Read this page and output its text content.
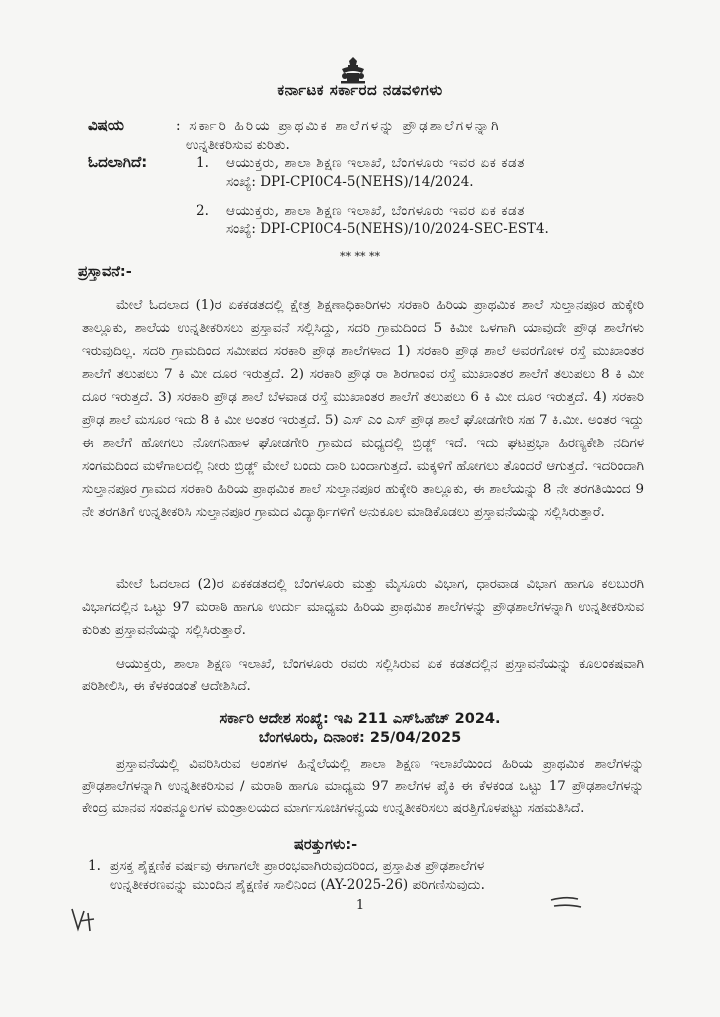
ಕರ್ನಾಟಕ ಸರ್ಕಾರದ ನಡವಳಿಗಳು
ವಿಷಯ	: ಸರ್ಕಾರಿ ಹಿರಿಯ ಪ್ರಾಥಮಿಕ ಶಾಲೆಗಳನ್ನು ಪ್ರೌಢಶಾಲೆಗಳನ್ನಾಗಿ
ಉನ್ನತೀಕರಿಸುವ ಕುರಿತು.
ಓದಲಾಗಿದೆ:	1. ಆಯುಕ್ತರು, ಶಾಲಾ ಶಿಕ್ಷಣ ಇಲಾಖೆ, ಬೆಂಗಳೂರು ಇವರ ಏಕ ಕಡತ
ಸಂಖ್ಯೆ: DPI-CPI0C4-5(NEHS)/14/2024.
2. ಆಯುಕ್ತರು, ಶಾಲಾ ಶಿಕ್ಷಣ ಇಲಾಖೆ, ಬೆಂಗಳೂರು ಇವರ ಏಕ ಕಡತ
ಸಂಖ್ಯೆ: DPI-CPI0C4-5(NEHS)/10/2024-SEC-EST4.
** ** **
ಪ್ರಸ್ತಾವನೆ:-
ಮೇಲೆ ಓದಲಾದ (1)ರ ಏಕಕಡತದಲ್ಲಿ ಕ್ಷೇತ್ರ ಶಿಕ್ಷಣಾಧಿಕಾರಿಗಳು ಸರಕಾರಿ ಹಿರಿಯ ಪ್ರಾಥಮಿಕ ಶಾಲೆ ಸುಲ್ತಾನಪೂರ ಹುಕ್ಕೇರಿ ತಾಲ್ಲೂಕು, ಶಾಲೆಯ ಉನ್ನತೀಕರಿಸಲು ಪ್ರಸ್ತಾವನೆ ಸಲ್ಲಿಸಿದ್ದು, ಸದರಿ ಗ್ರಾಮದಿಂದ 5 ಕಿಮೀ ಒಳಗಾಗಿ ಯಾವುದೇ ಪ್ರೌಢ ಶಾಲೆಗಳು ಇರುವುದಿಲ್ಲ. ಸದರಿ ಗ್ರಾಮದಿಂದ ಸಮೀಪದ ಸರಕಾರಿ ಪ್ರೌಢ ಶಾಲೆಗಳಾದ 1) ಸರಕಾರಿ ಪ್ರೌಢ ಶಾಲೆ ಅವರಗೋಳ ರಸ್ತೆ ಮುಖಾಂತರ ಶಾಲೆಗೆ ತಲುಪಲು 7 ಕಿ ಮೀ ದೂರ ಇರುತ್ತದೆ. 2) ಸರಕಾರಿ ಪ್ರೌಢ ರಾ ಶಿರಗಾಂವ ರಸ್ತೆ ಮುಖಾಂತರ ಶಾಲೆಗೆ ತಲುಪಲು 8 ಕಿ ಮೀ ದೂರ ಇರುತ್ತದೆ. 3) ಸರಕಾರಿ ಪ್ರೌಢ ಶಾಲೆ ಬೆಳವಾಡ ರಸ್ತೆ ಮುಖಾಂತರ ಶಾಲೆಗೆ ತಲುಪಲು 6 ಕಿ ಮೀ ದೂರ ಇರುತ್ತದೆ. 4) ಸರಕಾರಿ ಪ್ರೌಢ ಶಾಲೆ ಮಸೂರ ಇದು 8 ಕಿ ಮೀ ಅಂತರ ಇರುತ್ತದೆ. 5) ಎಸ್ ಎಂ ಎಸ್ ಪ್ರೌಢ ಶಾಲೆ ಘೋಡಗೇರಿ ಸಹ 7 ಕಿ.ಮೀ. ಅಂತರ ಇದ್ದು ಈ ಶಾಲೆಗೆ ಹೋಗಲು ನೋಗನಿಹಾಳ ಘೋಡಗೇರಿ ಗ್ರಾಮದ ಮಧ್ಯದಲ್ಲಿ ಬ್ರಿಡ್ಜ್ ಇದೆ. ಇದು ಘಟಪ್ರಭಾ ಹಿರಣ್ಯಕೇಶಿ ನದಿಗಳ ಸಂಗಮದಿಂದ ಮಳೆಗಾಲದಲ್ಲಿ ನೀರು ಬ್ರಿಡ್ಜ್ ಮೇಲೆ ಬಂದು ದಾರಿ ಬಂದಾಗುತ್ತದೆ. ಮಕ್ಕಳಿಗೆ ಹೋಗಲು ತೊಂದರೆ ಆಗುತ್ತದೆ. ಇದರಿಂದಾಗಿ ಸುಲ್ತಾನಪೂರ ಗ್ರಾಮದ ಸರಕಾರಿ ಹಿರಿಯ ಪ್ರಾಥಮಿಕ ಶಾಲೆ ಸುಲ್ತಾನಪೂರ ಹುಕ್ಕೇರಿ ತಾಲ್ಲೂಕು, ಈ ಶಾಲೆಯನ್ನು 8 ನೇ ತರಗತಿಯಿಂದ 9 ನೇ ತರಗತಿಗೆ ಉನ್ನತೀಕರಿಸಿ ಸುಲ್ತಾನಪೂರ ಗ್ರಾಮದ ವಿದ್ಯಾರ್ಥಿಗಳಿಗೆ ಅನುಕೂಲ ಮಾಡಿಕೊಡಲು ಪ್ರಸ್ತಾವನೆಯನ್ನು ಸಲ್ಲಿಸಿರುತ್ತಾರೆ.
ಮೇಲೆ ಓದಲಾದ (2)ರ ಏಕಕಡತದಲ್ಲಿ ಬೆಂಗಳೂರು ಮತ್ತು ಮೈಸೂರು ವಿಭಾಗ, ಧಾರವಾಡ ವಿಭಾಗ ಹಾಗೂ ಕಲಬುರಗಿ ವಿಭಾಗದಲ್ಲಿನ ಒಟ್ಟು 97 ಮರಾಠಿ ಹಾಗೂ ಉರ್ದು ಮಾಧ್ಯಮ ಹಿರಿಯ ಪ್ರಾಥಮಿಕ ಶಾಲೆಗಳನ್ನು ಪ್ರೌಢಶಾಲೆಗಳನ್ನಾಗಿ ಉನ್ನತೀಕರಿಸುವ ಕುರಿತು ಪ್ರಸ್ತಾವನೆಯನ್ನು ಸಲ್ಲಿಸಿರುತ್ತಾರೆ.
ಆಯುಕ್ತರು, ಶಾಲಾ ಶಿಕ್ಷಣ ಇಲಾಖೆ, ಬೆಂಗಳೂರು ರವರು ಸಲ್ಲಿಸಿರುವ ಏಕ ಕಡತದಲ್ಲಿನ ಪ್ರಸ್ತಾವನೆಯನ್ನು ಕೂಲಂಕಷವಾಗಿ ಪರಿಶೀಲಿಸಿ, ಈ ಕೆಳಕಂಡಂತೆ ಆದೇಶಿಸಿದೆ.
ಸರ್ಕಾರಿ ಆದೇಶ ಸಂಖ್ಯೆ: ಇಪಿ 211 ಎಸ್‌ಓಹೆಚ್ 2024.
ಬೆಂಗಳೂರು, ದಿನಾಂಕ: 25/04/2025
ಪ್ರಸ್ತಾವನೆಯಲ್ಲಿ ವಿವರಿಸಿರುವ ಅಂಶಗಳ ಹಿನ್ನೆಲೆಯಲ್ಲಿ ಶಾಲಾ ಶಿಕ್ಷಣ ಇಲಾಖೆಯಿಂದ ಹಿರಿಯ ಪ್ರಾಥಮಿಕ ಶಾಲೆಗಳನ್ನು ಪ್ರೌಢಶಾಲೆಗಳನ್ನಾಗಿ ಉನ್ನತೀಕರಿಸುವ / ಮರಾಠಿ ಹಾಗೂ ಮಾಧ್ಯಮ 97 ಶಾಲೆಗಳ ಪೈಕಿ ಈ ಕೆಳಕಂಡ ಒಟ್ಟು 17 ಪ್ರೌಢಶಾಲೆಗಳನ್ನು ಕೇಂದ್ರ ಮಾನವ ಸಂಪನ್ಮೂಲಗಳ ಮಂತ್ರಾಲಯದ ಮಾರ್ಗಸೂಚಿಗಳನ್ವಯ ಉನ್ನತೀಕರಿಸಲು ಷರತ್ತಿಗೊಳಪಟ್ಟು ಸಹಮತಿಸಿದೆ.
ಷರತ್ತುಗಳು:-
1. ಪ್ರಸಕ್ತ ಶೈಕ್ಷಣಿಕ ವರ್ಷವು ಈಗಾಗಲೇ ಪ್ರಾರಂಭವಾಗಿರುವುದರಿಂದ, ಪ್ರಸ್ತಾಪಿತ ಪ್ರೌಢಶಾಲೆಗಳ
ಉನ್ನತೀಕರಣವನ್ನು ಮುಂದಿನ ಶೈಕ್ಷಣಿಕ ಸಾಲಿನಿಂದ (AY-2025-26) ಪರಿಗಣಿಸುವುದು.
1
